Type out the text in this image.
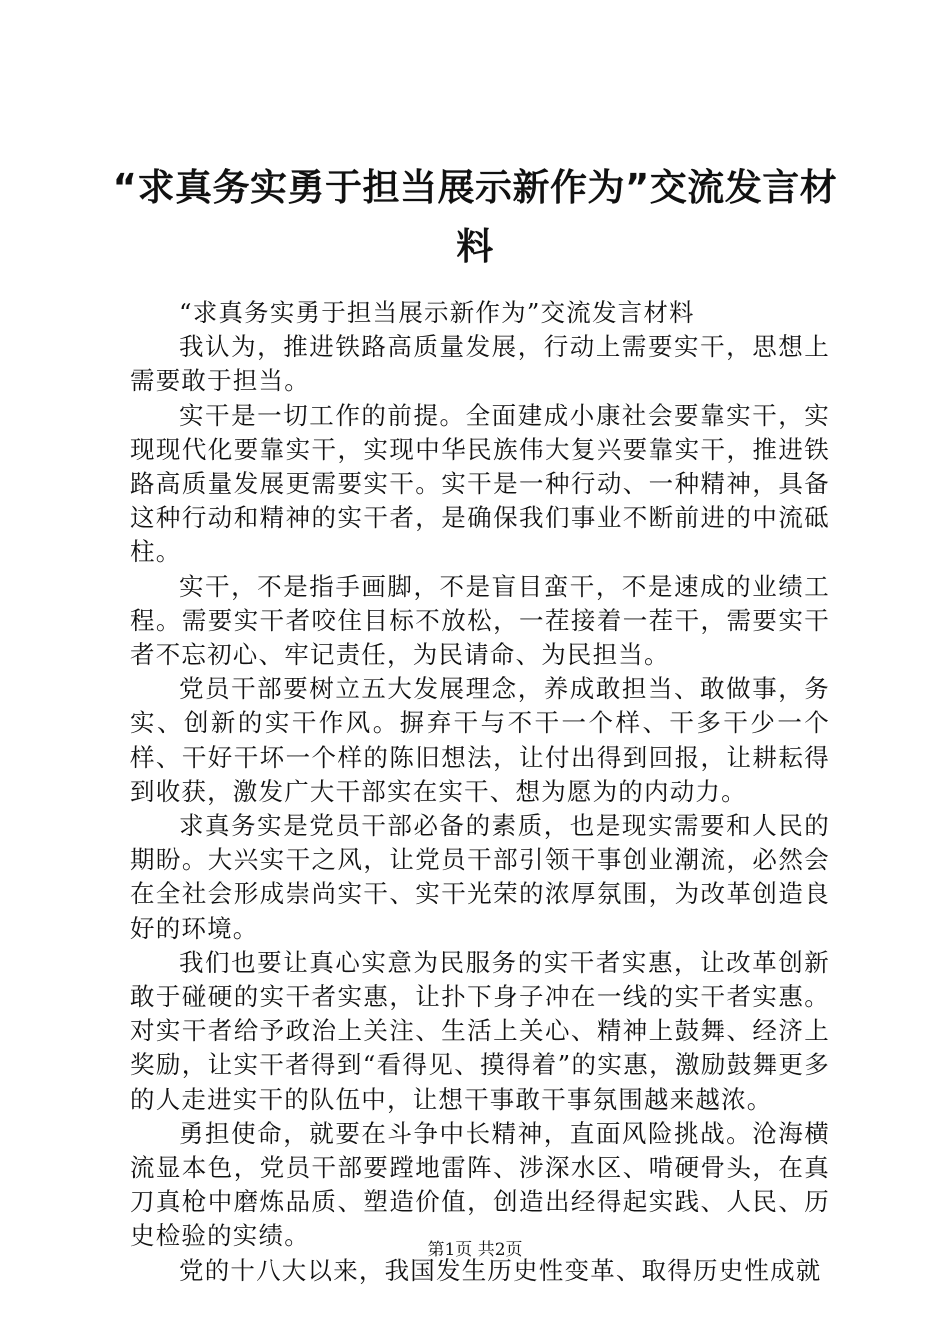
“求真务实勇于担当展示新作为”交流发言材料

“求真务实勇于担当展示新作为”交流发言材料

我认为，推进铁路高质量发展，行动上需要实干，思想上需要敢于担当。

实干是一切工作的前提。全面建成小康社会要靠实干，实现现代化要靠实干，实现中华民族伟大复兴要靠实干，推进铁路高质量发展更需要实干。实干是一种行动、一种精神，具备这种行动和精神的实干者，是确保我们事业不断前进的中流砥柱。

实干，不是指手画脚，不是盲目蛮干，不是速成的业绩工程。需要实干者咬住目标不放松，一茬接着一茬干，需要实干者不忘初心、牢记责任，为民请命、为民担当。

党员干部要树立五大发展理念，养成敢担当、敢做事，务实、创新的实干作风。摒弃干与不干一个样、干多干少一个样、干好干坏一个样的陈旧想法，让付出得到回报，让耕耘得到收获，激发广大干部实在实干、想为愿为的内动力。

求真务实是党员干部必备的素质，也是现实需要和人民的期盼。大兴实干之风，让党员干部引领干事创业潮流，必然会在全社会形成崇尚实干、实干光荣的浓厚氛围，为改革创造良好的环境。

我们也要让真心实意为民服务的实干者实惠，让改革创新敢于碰硬的实干者实惠，让扑下身子冲在一线的实干者实惠。对实干者给予政治上关注、生活上关心、精神上鼓舞、经济上奖励，让实干者得到“看得见、摸得着”的实惠，激励鼓舞更多的人走进实干的队伍中，让想干事敢干事氛围越来越浓。

勇担使命，就要在斗争中长精神，直面风险挑战。沧海横流显本色，党员干部要蹚地雷阵、涉深水区、啃硬骨头，在真刀真枪中磨炼品质、塑造价值，创造出经得起实践、人民、历史检验的实绩。

党的十八大以来，我国发生历史性变革、取得历史性成就

第1页 共2页
